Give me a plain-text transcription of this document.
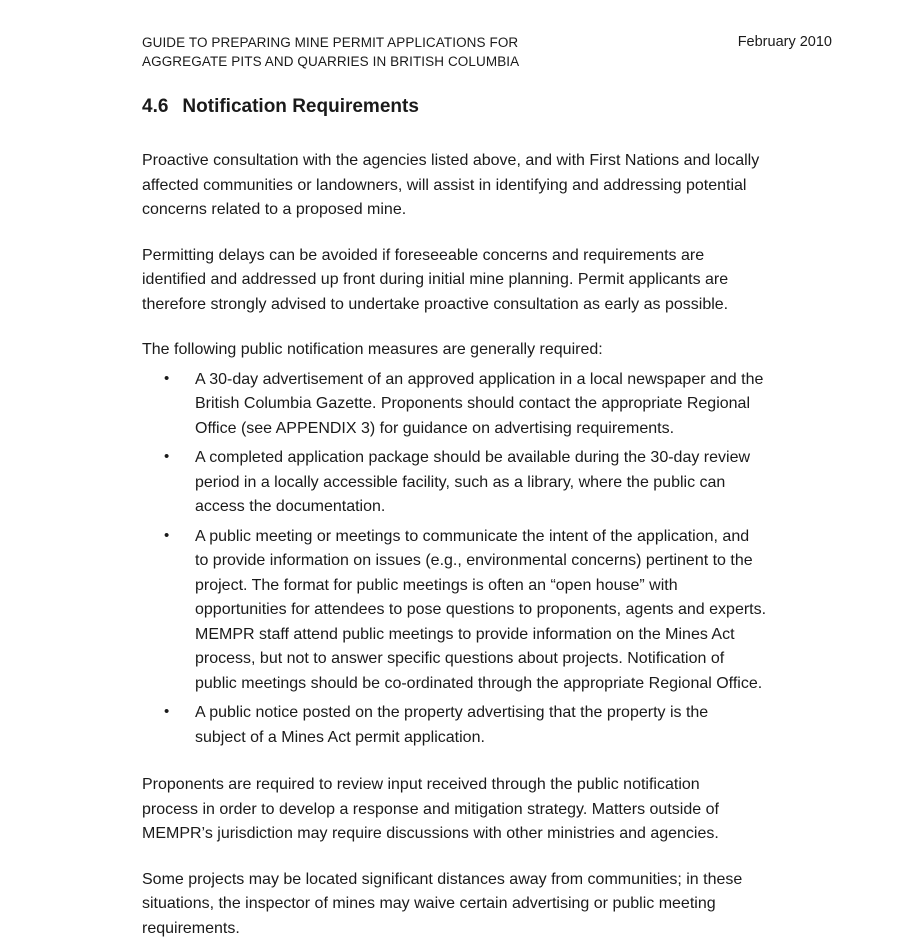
GUIDE TO PREPARING MINE PERMIT APPLICATIONS FOR
AGGREGATE PITS AND QUARRIES IN BRITISH COLUMBIA
February 2010
4.6 Notification Requirements
Proactive consultation with the agencies listed above, and with First Nations and locally
affected communities or landowners, will assist in identifying and addressing potential
concerns related to a proposed mine.
Permitting delays can be avoided if foreseeable concerns and requirements are
identified and addressed up front during initial mine planning. Permit applicants are
therefore strongly advised to undertake proactive consultation as early as possible.
The following public notification measures are generally required:
• A 30-day advertisement of an approved application in a local newspaper and the
British Columbia Gazette. Proponents should contact the appropriate Regional
Office (see APPENDIX 3) for guidance on advertising requirements.
• A completed application package should be available during the 30-day review
period in a locally accessible facility, such as a library, where the public can
access the documentation.
• A public meeting or meetings to communicate the intent of the application, and
to provide information on issues (e.g., environmental concerns) pertinent to the
project. The format for public meetings is often an “open house” with
opportunities for attendees to pose questions to proponents, agents and experts.
MEMPR staff attend public meetings to provide information on the Mines Act
process, but not to answer specific questions about projects. Notification of
public meetings should be co-ordinated through the appropriate Regional Office.
• A public notice posted on the property advertising that the property is the
subject of a Mines Act permit application.
Proponents are required to review input received through the public notification
process in order to develop a response and mitigation strategy. Matters outside of
MEMPR’s jurisdiction may require discussions with other ministries and agencies.
Some projects may be located significant distances away from communities; in these
situations, the inspector of mines may waive certain advertising or public meeting
requirements.
